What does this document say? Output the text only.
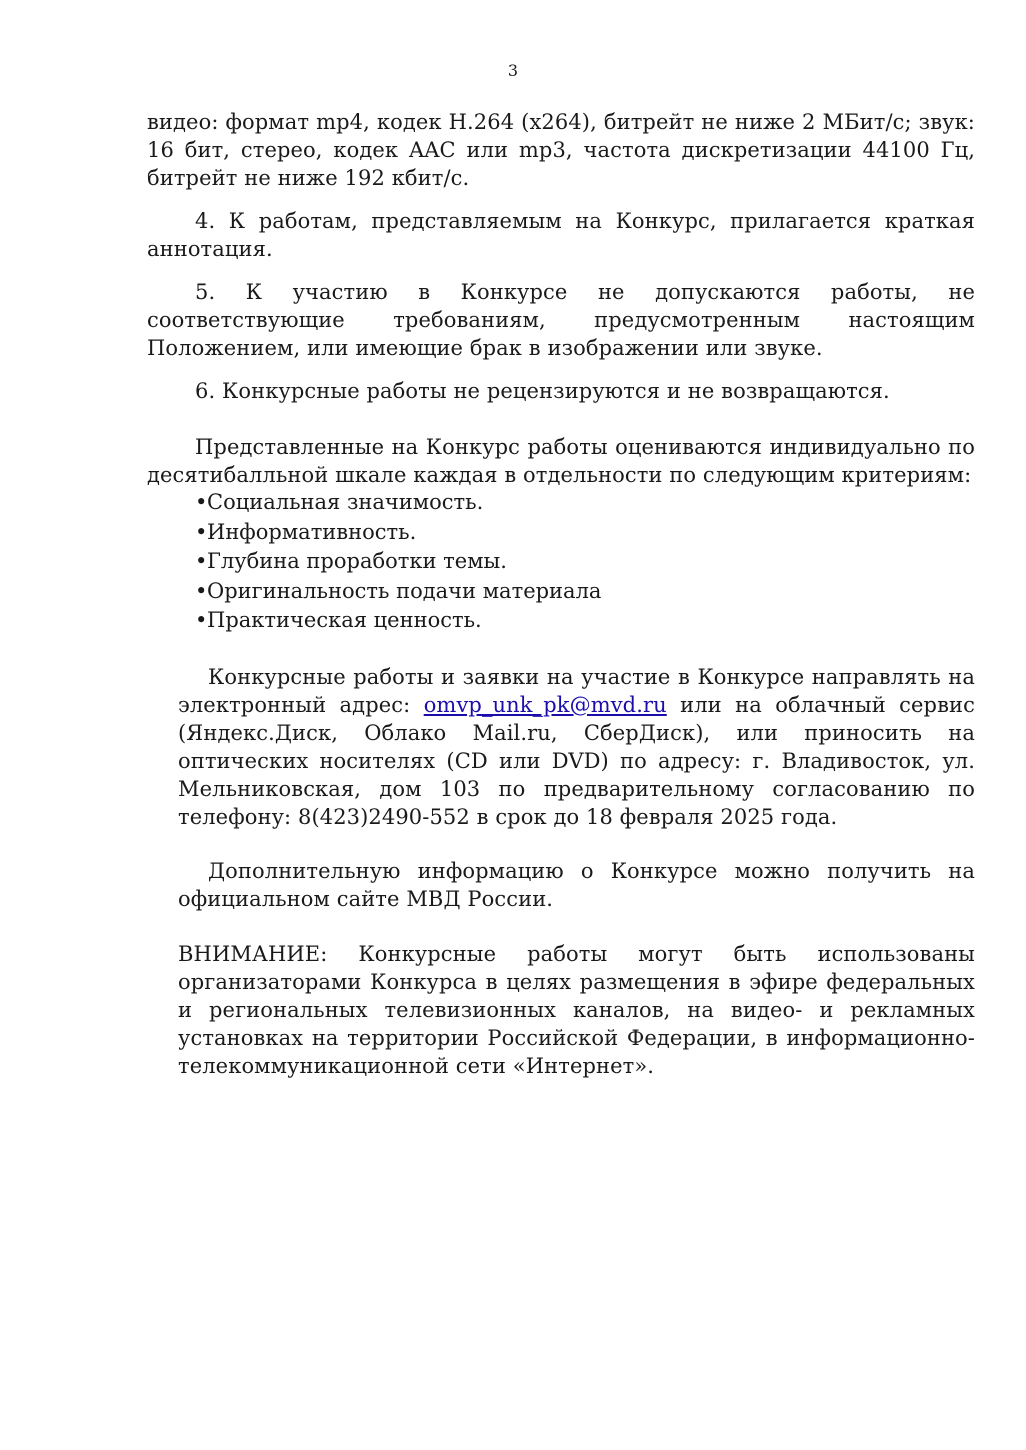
3

видео: формат mp4, кодек H.264 (x264), битрейт не ниже 2 МБит/с; звук: 16 бит, стерео, кодек AAC или mp3, частота дискретизации 44100 Гц, битрейт не ниже 192 кбит/с.

4. К работам, представляемым на Конкурс, прилагается краткая аннотация.

5. К участию в Конкурсе не допускаются работы, не соответствующие требованиям, предусмотренным настоящим Положением, или имеющие брак в изображении или звуке.

6. Конкурсные работы не рецензируются и не возвращаются.

Представленные на Конкурс работы оцениваются индивидуально по десятибалльной шкале каждая в отдельности по следующим критериям:

•Социальная значимость.
•Информативность.
•Глубина проработки темы.
•Оригинальность подачи материала
•Практическая ценность.

Конкурсные работы и заявки на участие в Конкурсе направлять на электронный адрес: omvp_unk_pk@mvd.ru или на облачный сервис (Яндекс.Диск, Облако Mail.ru, СберДиск), или приносить на оптических носителях (CD или DVD) по адресу: г. Владивосток, ул. Мельниковская, дом 103 по предварительному согласованию по телефону: 8(423)2490-552 в срок до 18 февраля 2025 года.

Дополнительную информацию о Конкурсе можно получить на официальном сайте МВД России.

ВНИМАНИЕ: Конкурсные работы могут быть использованы организаторами Конкурса в целях размещения в эфире федеральных и региональных телевизионных каналов, на видео- и рекламных установках на территории Российской Федерации, в информационно-телекоммуникационной сети «Интернет».
